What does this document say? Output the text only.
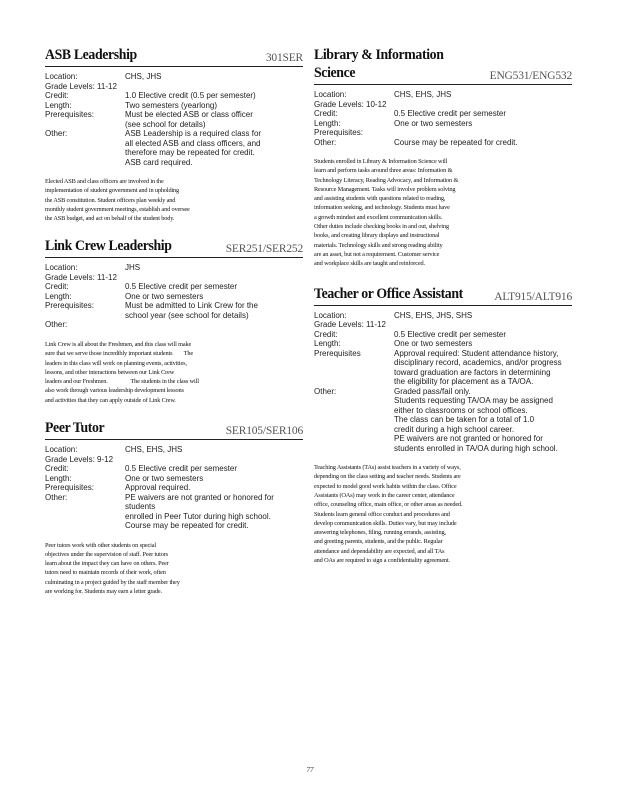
ASB Leadership	301SER
Location:	CHS, JHS
Grade Levels: 11-12
Credit:	1.0 Elective credit (0.5 per semester)
Length:	Two semesters (yearlong)
Prerequisites:	Must be elected ASB or class officer
(see school for details)
Other:	ASB Leadership is a required class for
all elected ASB and class officers, and
therefore may be repeated for credit.
ASB card required.

Elected ASB and class officers are involved in the

implementation of student government and in upholding

the ASB constitution. Student officers plan weekly and

monthly student government meetings, establish and oversee

the ASB budget, and act on behalf of the student body.

Link Crew Leadership	SER251/SER252
Location:	JHS
Grade Levels: 11-12
Credit:	0.5 Elective credit per semester
Length:	One or two semesters
Prerequisites:	Must be admitted to Link Crew for the
school year (see school for details)
Other:

Link Crew is all about the Freshmen, and this class will make

sure that we serve those incredibly important students        The

leaders in this class will work on planning events, activities,

lessons, and other interactions between our Link Crew

leaders and our Freshmen.                The students in the class will

also work through various leadership development lessons

and activities that they can apply outside of Link Crew.

Peer Tutor	SER105/SER106
Location:	CHS, EHS, JHS
Grade Levels: 9-12
Credit:	0.5 Elective credit per semester
Length:	One or two semesters
Prerequisites:	Approval required.
Other:	PE waivers are not granted or honored for students
enrolled in Peer Tutor during high school.
Course may be repeated for credit.

Peer tutors work with other students on special

objectives under the supervision of staff. Peer tutors

learn about the impact they can have on others. Peer

tutors need to maintain records of their work, often

culminating in a project guided by the staff member they

are working for. Students may earn a letter grade.

Library & Information Science	ENG531/ENG532
Location:	CHS, EHS, JHS
Grade Levels: 10-12
Credit:	0.5 Elective credit per semester
Length:	One or two semesters
Prerequisites:
Other:	Course may be repeated for credit.

Students enrolled in Library & Information Science will

learn and perform tasks around three areas: Information &

Technology Literacy, Reading Advocacy, and Information &

Resource Management. Tasks will involve problem solving

and assisting students with questions related to reading,

information seeking, and technology. Students must have

a growth mindset and excellent communication skills.

Other duties include checking books in and out, shelving

books, and creating library displays and instructional

materials. Technology skills and strong reading ability

are an asset, but not a requirement. Customer service

and workplace skills are taught and reinforced.

Teacher or Office Assistant	ALT915/ALT916
Location:	CHS, EHS, JHS, SHS
Grade Levels: 11-12
Credit:	0.5 Elective credit per semester
Length:	One or two semesters
Prerequisites	Approval required: Student attendance history,
disciplinary record, academics, and/or progress
toward graduation are factors in determining
the eligibility for placement as a TA/OA.
Other:	Graded pass/fail only.
Students requesting TA/OA may be assigned
either to classrooms or school offices.
The class can be taken for a total of 1.0
credit during a high school career.
PE waivers are not granted or honored for
students enrolled in TA/OA during high school.

Teaching Assistants (TAs) assist teachers in a variety of ways,

depending on the class setting and teacher needs. Students are

expected to model good work habits within the class. Office

Assistants (OAs) may work in the career center, attendance

office, counseling office, main office, or other areas as needed.

Students learn general office conduct and procedures and

develop communication skills. Duties vary, but may include

answering telephones, filing, running errands, assisting,

and greeting parents, students, and the public. Regular

attendance and dependability are expected, and all TAs

and OAs are required to sign a confidentiality agreement.

77
